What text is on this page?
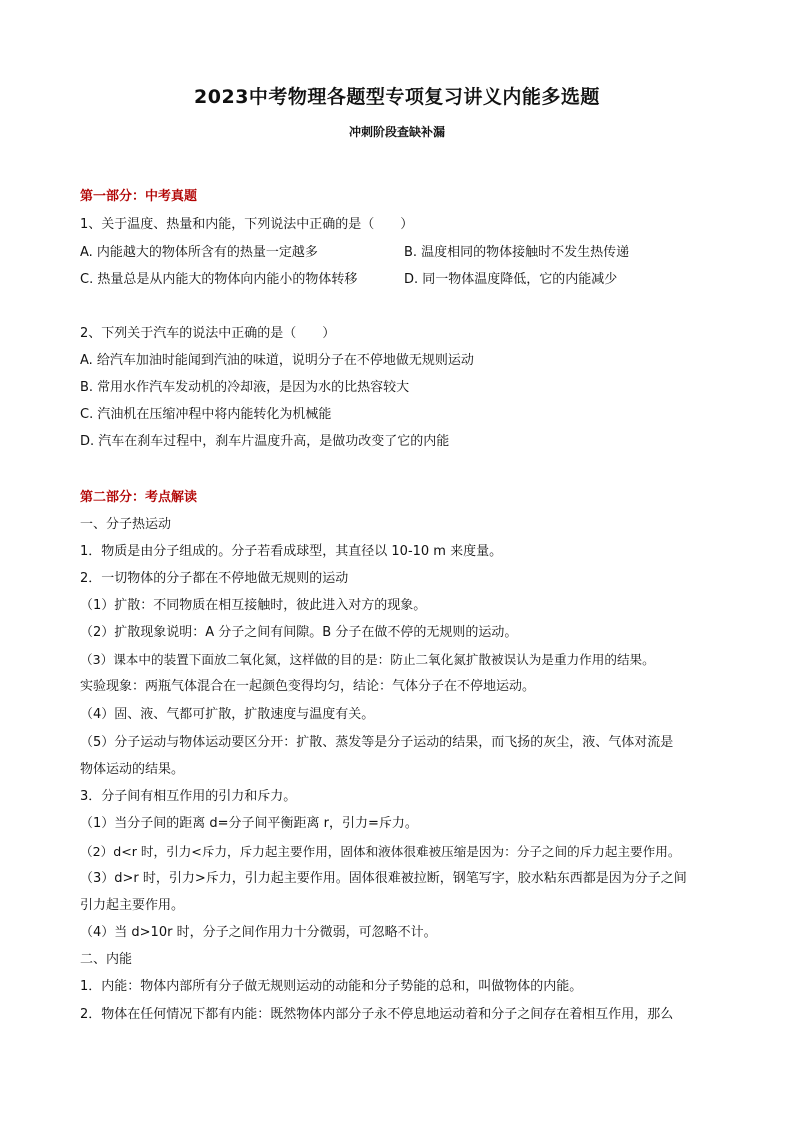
2023中考物理各题型专项复习讲义内能多选题
冲刺阶段查缺补漏
第一部分：中考真题
1、关于温度、热量和内能，下列说法中正确的是（　　）
A. 内能越大的物体所含有的热量一定越多	B. 温度相同的物体接触时不发生热传递
C. 热量总是从内能大的物体向内能小的物体转移	D. 同一物体温度降低，它的内能减少
2、下列关于汽车的说法中正确的是（　　）
A. 给汽车加油时能闻到汽油的味道，说明分子在不停地做无规则运动
B. 常用水作汽车发动机的冷却液，是因为水的比热容较大
C. 汽油机在压缩冲程中将内能转化为机械能
D. 汽车在刹车过程中，刹车片温度升高，是做功改变了它的内能
第二部分：考点解读
一、分子热运动
1．物质是由分子组成的。分子若看成球型，其直径以 10-10 m 来度量。
2．一切物体的分子都在不停地做无规则的运动
（1）扩散：不同物质在相互接触时，彼此进入对方的现象。
（2）扩散现象说明：A 分子之间有间隙。B 分子在做不停的无规则的运动。
（3）课本中的装置下面放二氧化氮，这样做的目的是：防止二氧化氮扩散被误认为是重力作用的结果。
实验现象：两瓶气体混合在一起颜色变得均匀，结论：气体分子在不停地运动。
（4）固、液、气都可扩散，扩散速度与温度有关。
（5）分子运动与物体运动要区分开：扩散、蒸发等是分子运动的结果，而飞扬的灰尘，液、气体对流是
物体运动的结果。
3．分子间有相互作用的引力和斥力。
（1）当分子间的距离 d=分子间平衡距离 r，引力=斥力。
（2）d<r 时，引力<斥力，斥力起主要作用，固体和液体很难被压缩是因为：分子之间的斥力起主要作用。
（3）d>r 时，引力>斥力，引力起主要作用。固体很难被拉断，钢笔写字，胶水粘东西都是因为分子之间
引力起主要作用。
（4）当 d>10r 时，分子之间作用力十分微弱，可忽略不计。
二、内能
1．内能：物体内部所有分子做无规则运动的动能和分子势能的总和，叫做物体的内能。
2．物体在任何情况下都有内能：既然物体内部分子永不停息地运动着和分子之间存在着相互作用，那么
